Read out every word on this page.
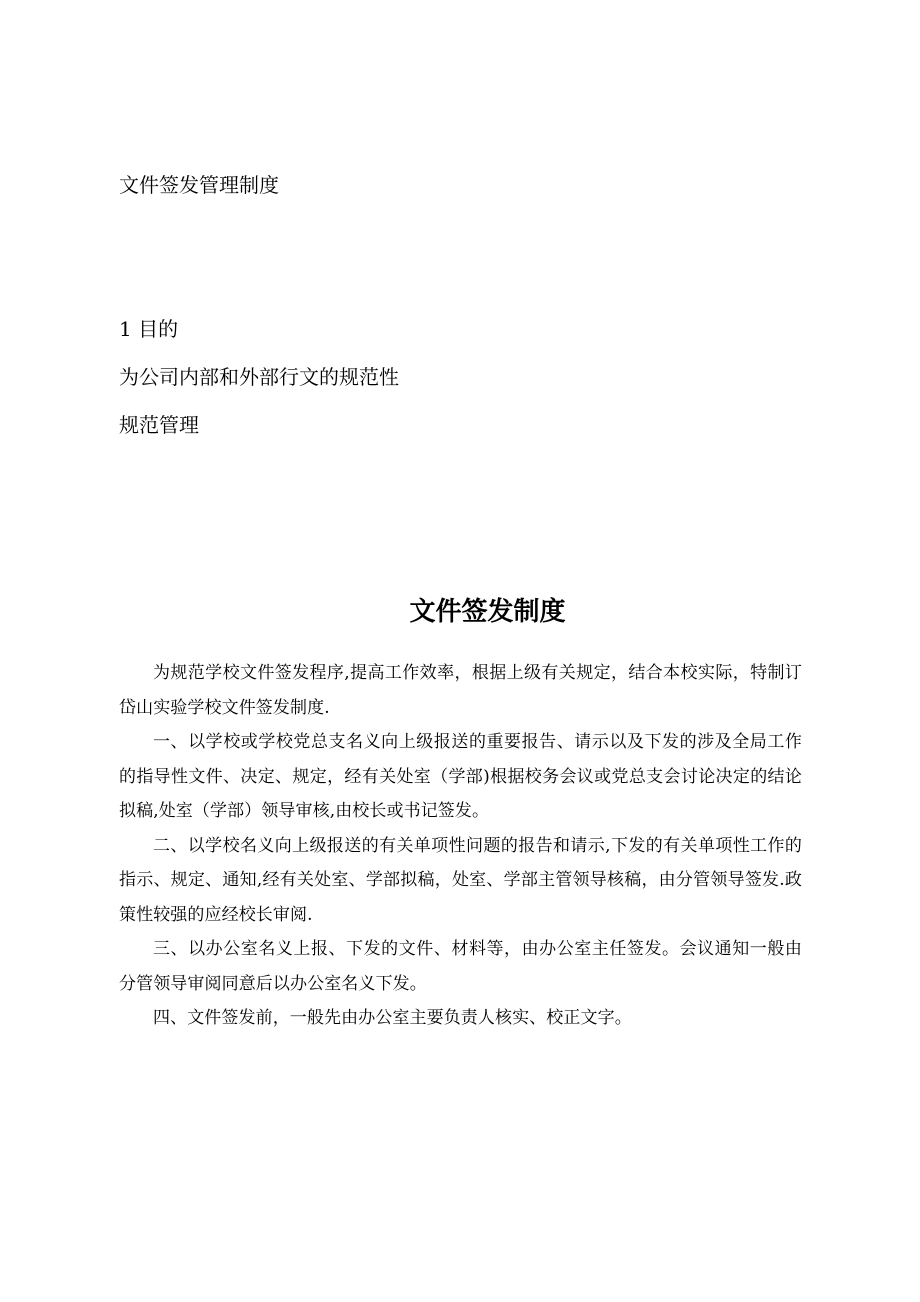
文件签发管理制度

1 目的

为公司内部和外部行文的规范性

规范管理

文件签发制度

为规范学校文件签发程序,提高工作效率，根据上级有关规定，结合本校实际，特制订岱山实验学校文件签发制度.

一、以学校或学校党总支名义向上级报送的重要报告、请示以及下发的涉及全局工作的指导性文件、决定、规定，经有关处室（学部)根据校务会议或党总支会讨论决定的结论拟稿,处室（学部）领导审核,由校长或书记签发。

二、以学校名义向上级报送的有关单项性问题的报告和请示,下发的有关单项性工作的指示、规定、通知,经有关处室、学部拟稿，处室、学部主管领导核稿，由分管领导签发.政策性较强的应经校长审阅.

三、以办公室名义上报、下发的文件、材料等，由办公室主任签发。会议通知一般由分管领导审阅同意后以办公室名义下发。

四、文件签发前，一般先由办公室主要负责人核实、校正文字。
